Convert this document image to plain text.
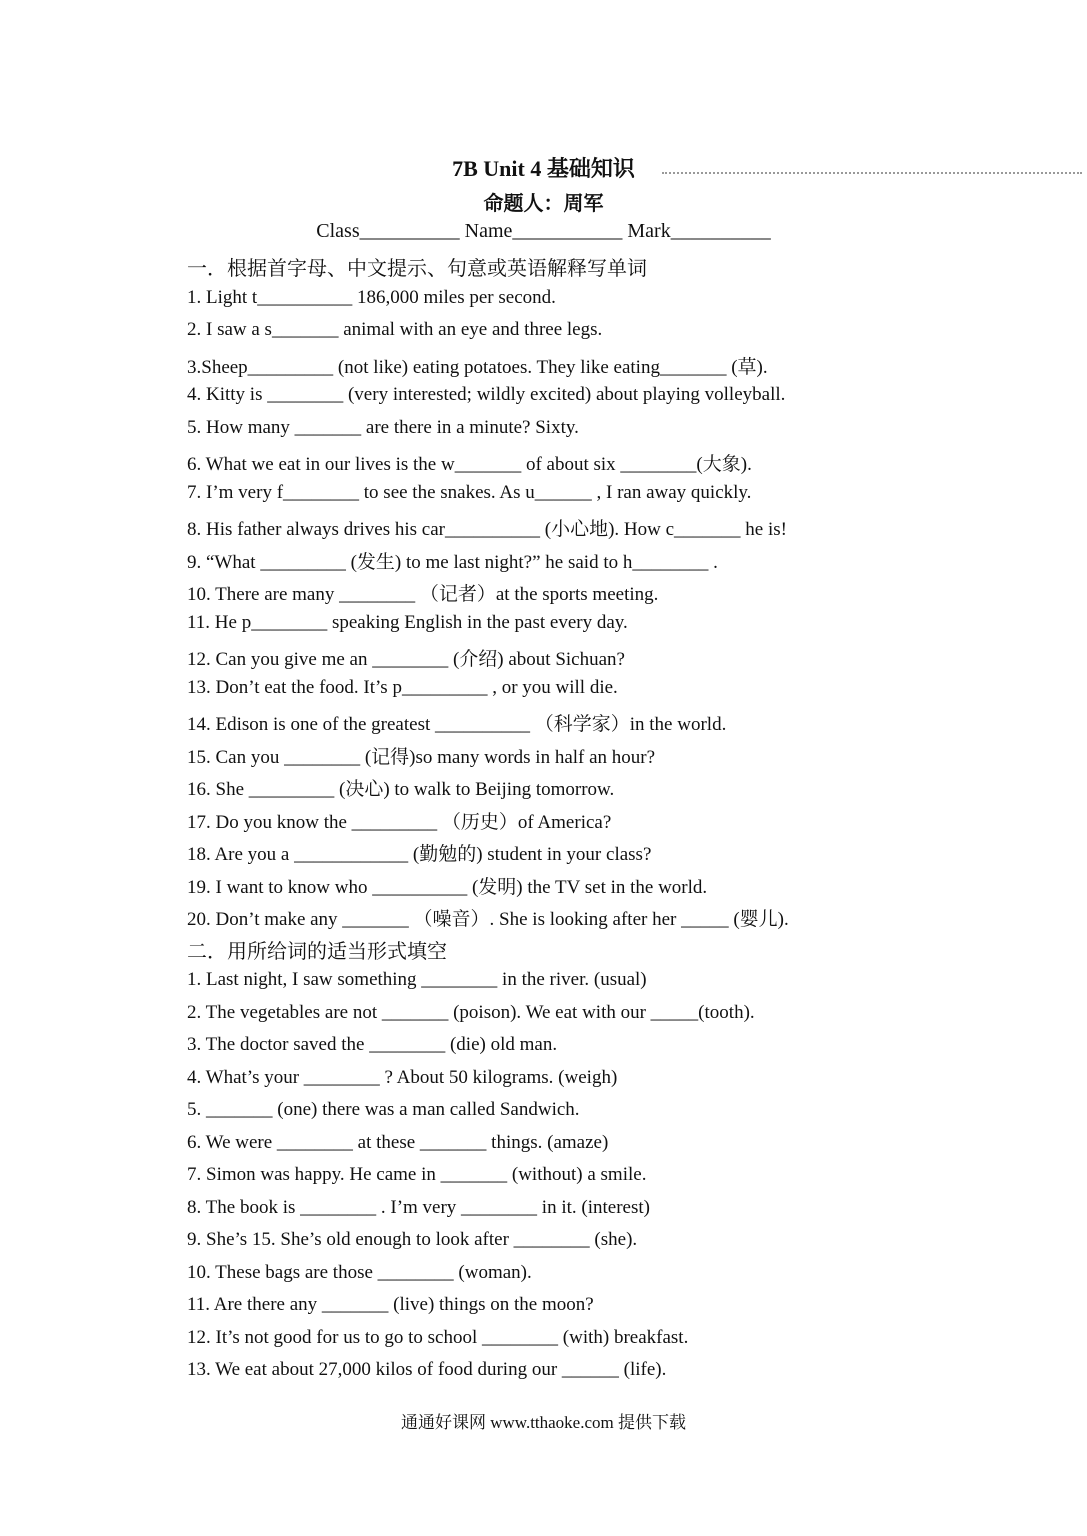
7B Unit 4 基础知识
命题人：周军
Class__________ Name___________ Mark__________
一．根据首字母、中文提示、句意或英语解释写单词
1. Light t__________ 186,000 miles per second.
2. I saw a s_______ animal with an eye and three legs.
3.Sheep_________ (not like) eating potatoes. They like eating_______ (草).
4. Kitty is ________ (very interested; wildly excited) about playing volleyball.
5. How many _______ are there in a minute? Sixty.
6. What we eat in our lives is the w_______ of about six ________(大象).
7. I’m very f________ to see the snakes. As u______ , I ran away quickly.
8. His father always drives his car__________ (小心地). How c_______ he is!
9. “What _________ (发生) to me last night?” he said to h________ .
10. There are many ________ （记者）at the sports meeting.
11. He p________ speaking English in the past every day.
12. Can you give me an ________ (介绍) about Sichuan?
13. Don’t eat the food. It’s p_________ , or you will die.
14. Edison is one of the greatest __________ （科学家）in the world.
15. Can you ________ (记得)so many words in half an hour?
16. She _________ (决心) to walk to Beijing tomorrow.
17. Do you know the _________ （历史）of America?
18. Are you a ____________ (勤勉的) student in your class?
19. I want to know who __________ (发明) the TV set in the world.
20. Don’t make any _______ （噪音）. She is looking after her _____ (婴儿).
二．用所给词的适当形式填空
1. Last night, I saw something ________ in the river. (usual)
2. The vegetables are not _______ (poison). We eat with our _____(tooth).
3. The doctor saved the ________ (die) old man.
4. What’s your ________ ? About 50 kilograms. (weigh)
5. _______ (one) there was a man called Sandwich.
6. We were ________ at these _______ things. (amaze)
7. Simon was happy. He came in _______ (without) a smile.
8. The book is ________ . I’m very ________ in it. (interest)
9. She’s 15. She’s old enough to look after ________ (she).
10. These bags are those ________ (woman).
11. Are there any _______ (live) things on the moon?
12. It’s not good for us to go to school ________ (with) breakfast.
13. We eat about 27,000 kilos of food during our ______ (life).
通通好课网 www.tthaoke.com 提供下载
